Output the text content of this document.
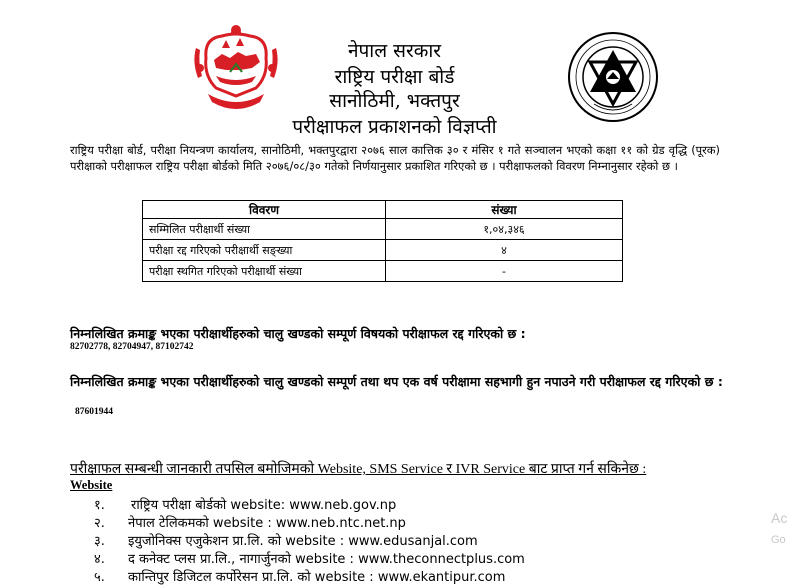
नेपाल सरकार
राष्ट्रिय परीक्षा बोर्ड
सानोठिमी, भक्तपुर
परीक्षाफल प्रकाशनको विज्ञप्ती
राष्ट्रिय परीक्षा बोर्ड, परीक्षा नियन्त्रण कार्यालय, सानोठिमी, भक्तपुरद्वारा २०७६ साल कात्तिक ३० र मंसिर १ गते सञ्चालन भएको कक्षा ११ को ग्रेड वृद्धि (पूरक) परीक्षाको परीक्षाफल राष्ट्रिय परीक्षा बोर्डको मिति २०७६/०८/३० गतेको निर्णयानुसार प्रकाशित गरिएको छ । परीक्षाफलको विवरण निम्नानुसार रहेको छ ।
विवरण	संख्या
सम्मिलित परीक्षार्थी संख्या	१,०४,३४६
परीक्षा रद्द गरिएको परीक्षार्थी सङ्ख्या	४
परीक्षा स्थगित गरिएको परीक्षार्थी संख्या	-
निम्नलिखित क्रमाङ्क भएका परीक्षार्थीहरुको चालु खण्डको सम्पूर्ण विषयको परीक्षाफल रद्द गरिएको छ :
82702778, 82704947, 87102742
निम्नलिखित क्रमाङ्क भएका परीक्षार्थीहरुको चालु खण्डको सम्पूर्ण तथा थप एक वर्ष परीक्षामा सहभागी हुन नपाउने गरी परीक्षाफल रद्द गरिएको छ :
87601944
परीक्षाफल सम्बन्धी जानकारी तपसिल बमोजिमको Website, SMS Service र IVR Service बाट प्राप्त गर्न सकिनेछ :
Website
१. राष्ट्रिय परीक्षा बोर्डको website: www.neb.gov.np
२. नेपाल टेलिकमको website : www.neb.ntc.net.np
३. इयुजोनिक्स एजुकेशन प्रा.लि. को website : www.edusanjal.com
४. द कनेक्ट प्लस प्रा.लि., नागार्जुनको website : www.theconnectplus.com
५. कान्तिपुर डिजिटल कर्पोरेसन प्रा.लि. को website : www.ekantipur.com
Ac
Go
